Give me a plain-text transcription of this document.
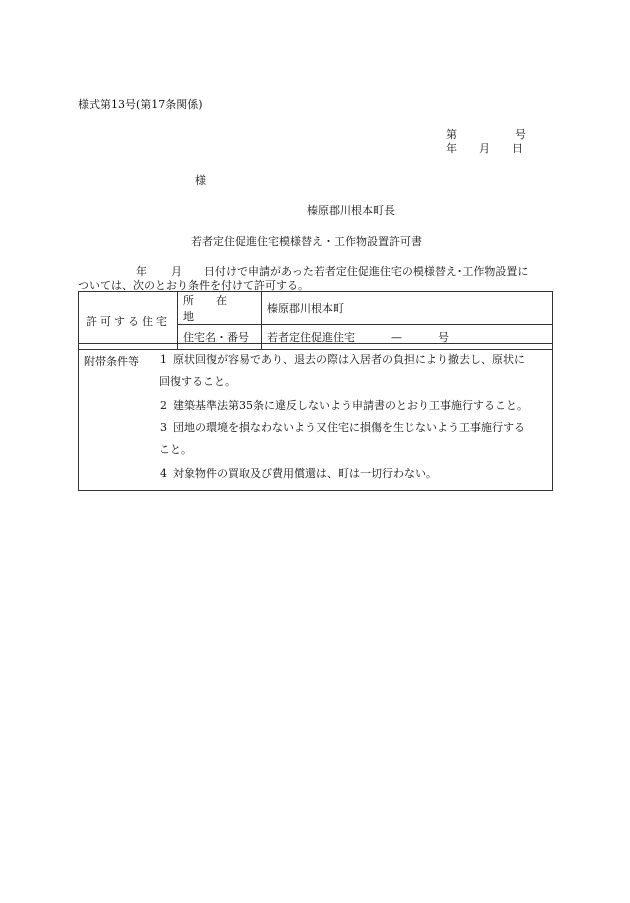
様式第13号(第17条関係)
第	号
年 月 日
様
榛原郡川根本町長
若者定住促進住宅模様替え・工作物設置許可書
年 月 日付けで申請があった若者定住促進住宅の模様替え･工作物設置に
ついては、次のとおり条件を付けて許可する。
許可する住宅	所　　在　　地	榛原郡川根本町
	住宅名・番号	若者定住促進住宅 — 号
附帯条件等	1 原状回復が容易であり、退去の際は入居者の負担により撤去し、原状に
回復すること。
2 建築基準法第35条に違反しないよう申請書のとおり工事施行すること。
3 団地の環境を損なわないよう又住宅に損傷を生じないよう工事施行する
こと。
4 対象物件の買取及び費用償還は、町は一切行わない。
